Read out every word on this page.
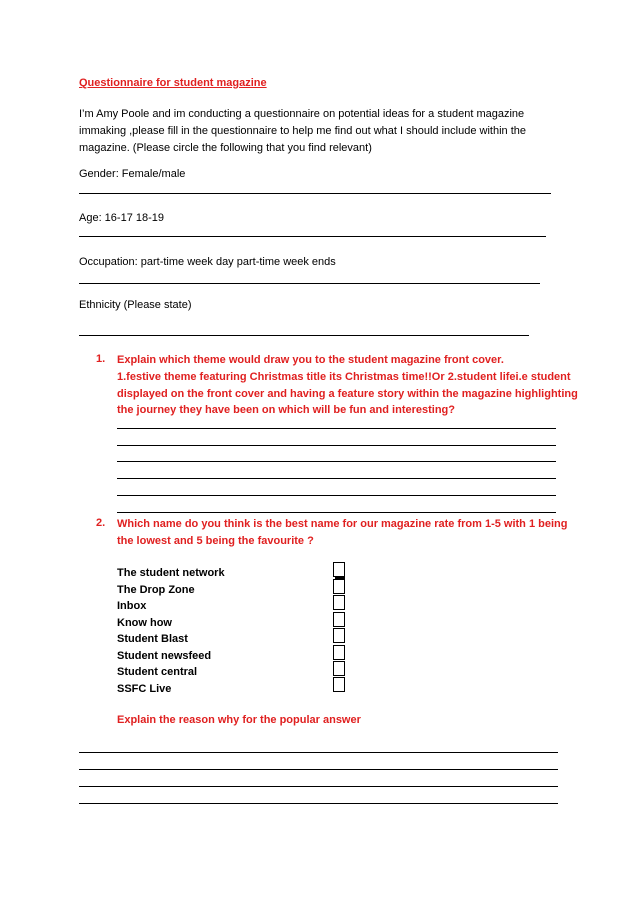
Questionnaire for student magazine
I’m Amy Poole and im conducting a questionnaire on potential ideas for a student magazine
immaking ,please fill in the questionnaire to help me find out what I should include within the
magazine. (Please circle the following that you find relevant)
Gender: Female/male
Age: 16-17 18-19
Occupation: part-time week day part-time week ends
Ethnicity (Please state)
1. Explain which theme would draw you to the student magazine front cover.
1.festive theme featuring Christmas title its Christmas time!!Or 2.student lifei.e student
displayed on the front cover and having a feature story within the magazine highlighting
the journey they have been on which will be fun and interesting?
2. Which name do you think is the best name for our magazine rate from 1-5 with 1 being
the lowest and 5 being the favourite ?
The student network
The Drop Zone
Inbox
Know how
Student Blast
Student newsfeed
Student central
SSFC Live
Explain the reason why for the popular answer
